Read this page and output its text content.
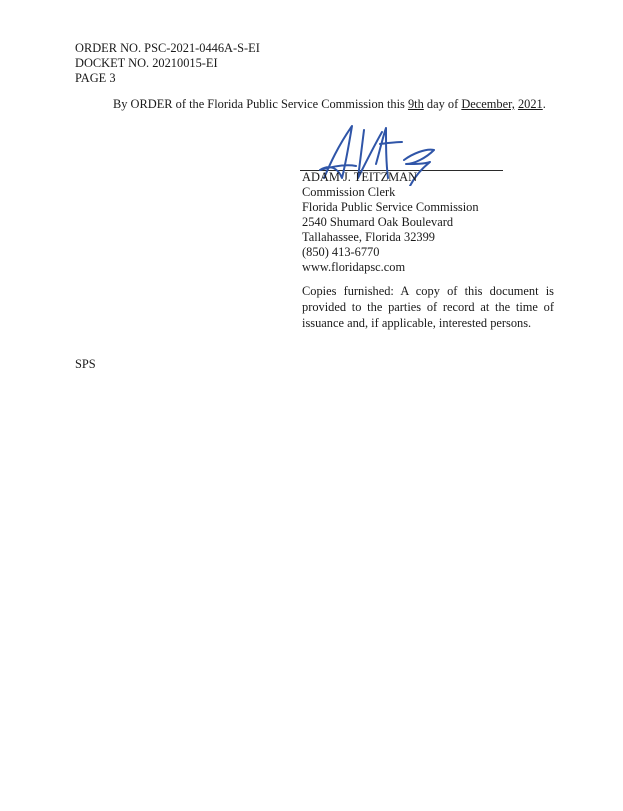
ORDER NO. PSC-2021-0446A-S-EI
DOCKET NO. 20210015-EI
PAGE 3
By ORDER of the Florida Public Service Commission this 9th day of December, 2021.
ADAM J. TEITZMAN
Commission Clerk
Florida Public Service Commission
2540 Shumard Oak Boulevard
Tallahassee, Florida 32399
(850) 413-6770
www.floridapsc.com
Copies furnished: A copy of this document is provided to the parties of record at the time of issuance and, if applicable, interested persons.
SPS
